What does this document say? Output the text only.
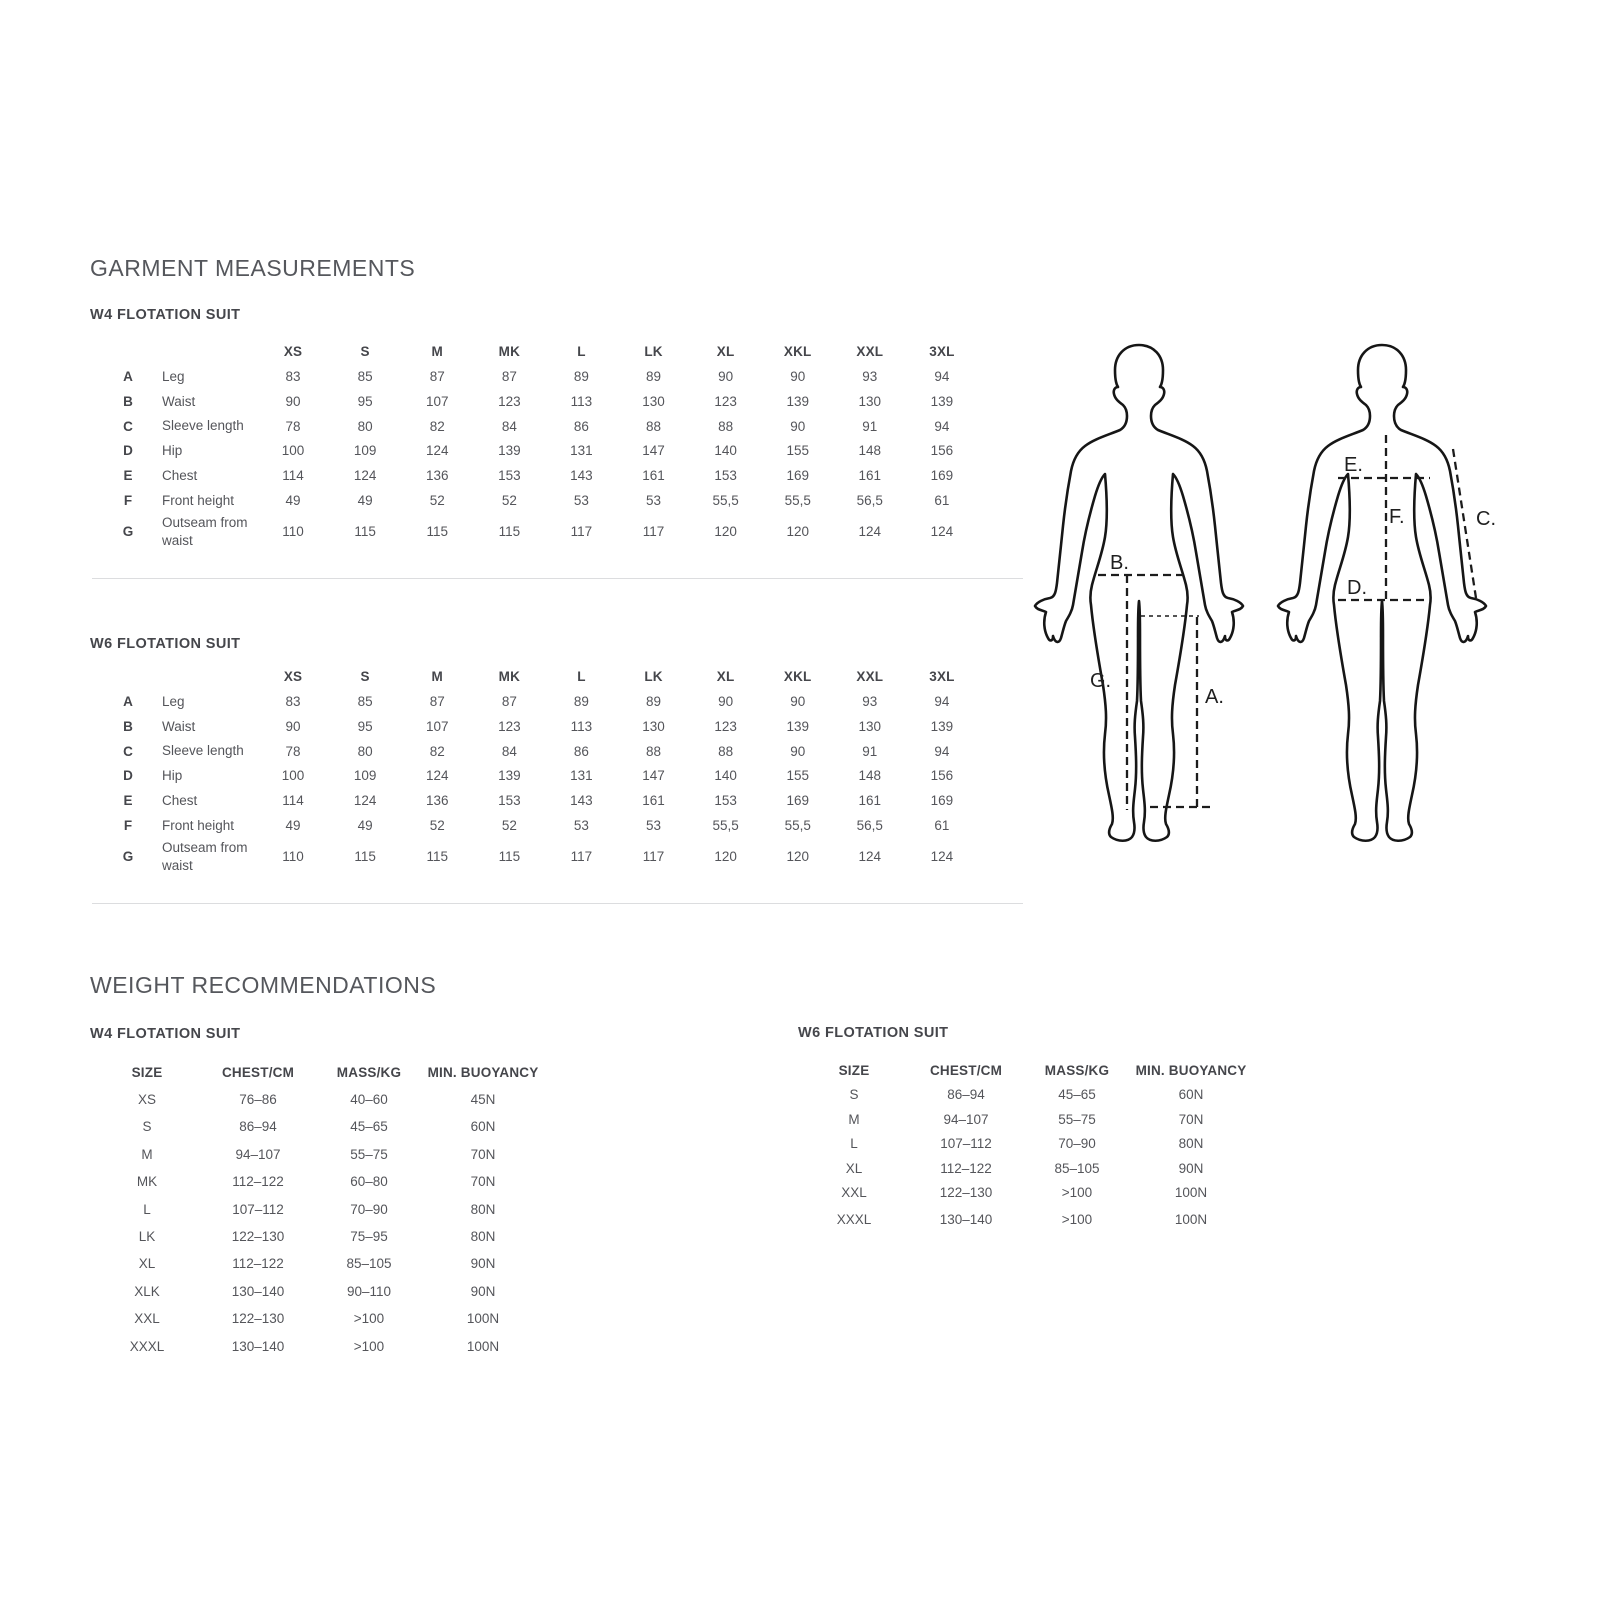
GARMENT MEASUREMENTS
W4 FLOTATION SUIT
		XS	S	M	MK	L	LK	XL	XKL	XXL	3XL
A	Leg	83	85	87	87	89	89	90	90	93	94
B	Waist	90	95	107	123	113	130	123	139	130	139
C	Sleeve length	78	80	82	84	86	88	88	90	91	94
D	Hip	100	109	124	139	131	147	140	155	148	156
E	Chest	114	124	136	153	143	161	153	169	161	169
F	Front height	49	49	52	52	53	53	55,5	55,5	56,5	61
G	Outseam from waist	110	115	115	115	117	117	120	120	124	124
W6 FLOTATION SUIT
		XS	S	M	MK	L	LK	XL	XKL	XXL	3XL
A	Leg	83	85	87	87	89	89	90	90	93	94
B	Waist	90	95	107	123	113	130	123	139	130	139
C	Sleeve length	78	80	82	84	86	88	88	90	91	94
D	Hip	100	109	124	139	131	147	140	155	148	156
E	Chest	114	124	136	153	143	161	153	169	161	169
F	Front height	49	49	52	52	53	53	55,5	55,5	56,5	61
G	Outseam from waist	110	115	115	115	117	117	120	120	124	124
B.
G.
A.
E.
F.
D.
C.
WEIGHT RECOMMENDATIONS
W4 FLOTATION SUIT
SIZE	CHEST/CM	MASS/KG	MIN. BUOYANCY
XS	76–86	40–60	45N
S	86–94	45–65	60N
M	94–107	55–75	70N
MK	112–122	60–80	70N
L	107–112	70–90	80N
LK	122–130	75–95	80N
XL	112–122	85–105	90N
XLK	130–140	90–110	90N
XXL	122–130	>100	100N
XXXL	130–140	>100	100N
W6 FLOTATION SUIT
SIZE	CHEST/CM	MASS/KG	MIN. BUOYANCY
S	86–94	45–65	60N
M	94–107	55–75	70N
L	107–112	70–90	80N
XL	112–122	85–105	90N
XXL	122–130	>100	100N
XXXL	130–140	>100	100N
